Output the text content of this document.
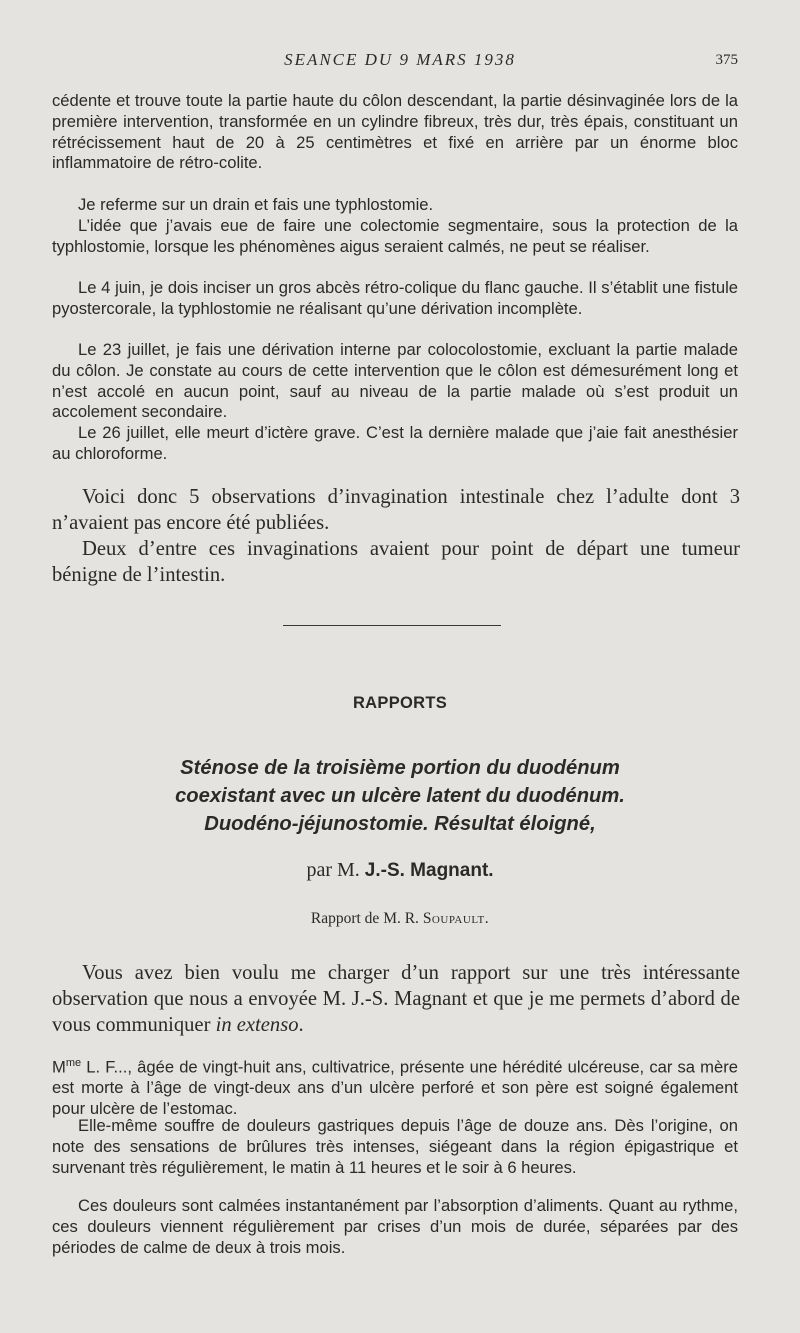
SEANCE DU 9 MARS 1938	375

cédente et trouve toute la partie haute du côlon descendant, la partie désinvaginée lors de la première intervention, transformée en un cylindre fibreux, très dur, très épais, constituant un rétrécissement haut de 20 à 25 centimètres et fixé en arrière par un énorme bloc inflammatoire de rétro-colite.

Je referme sur un drain et fais une typhlostomie.

L’idée que j’avais eue de faire une colectomie segmentaire, sous la protection de la typhlostomie, lorsque les phénomènes aigus seraient calmés, ne peut se réaliser.

Le 4 juin, je dois inciser un gros abcès rétro-colique du flanc gauche. Il s’établit une fistule pyostercorale, la typhlostomie ne réalisant qu’une dérivation incomplète.

Le 23 juillet, je fais une dérivation interne par colocolostomie, excluant la partie malade du côlon. Je constate au cours de cette intervention que le côlon est démesurément long et n’est accolé en aucun point, sauf au niveau de la partie malade où s’est produit un accolement secondaire.

Le 26 juillet, elle meurt d’ictère grave. C’est la dernière malade que j’aie fait anesthésier au chloroforme.

Voici donc 5 observations d’invagination intestinale chez l’adulte dont 3 n’avaient pas encore été publiées.

Deux d’entre ces invaginations avaient pour point de départ une tumeur bénigne de l’intestin.

RAPPORTS

Sténose de la troisième portion du duodénum

coexistant avec un ulcère latent du duodénum.

Duodéno-jéjunostomie. Résultat éloigné,

par M. J.-S. Magnant.
Rapport de M. R. Soupault.

Vous avez bien voulu me charger d’un rapport sur une très intéressante observation que nous a envoyée M. J.-S. Magnant et que je me permets d’abord de vous communiquer in extenso.

$M^{me}$ L. F..., âgée de vingt-huit ans, cultivatrice, présente une hérédité ulcéreuse, car sa mère est morte à l’âge de vingt-deux ans d’un ulcère perforé et son père est soigné également pour ulcère de l’estomac.

Elle-même souffre de douleurs gastriques depuis l’âge de douze ans. Dès l’origine, on note des sensations de brûlures très intenses, siégeant dans la région épigastrique et survenant très régulièrement, le matin à 11 heures et le soir à 6 heures.

Ces douleurs sont calmées instantanément par l’absorption d’aliments. Quant au rythme, ces douleurs viennent régulièrement par crises d’un mois de durée, séparées par des périodes de calme de deux à trois mois.
